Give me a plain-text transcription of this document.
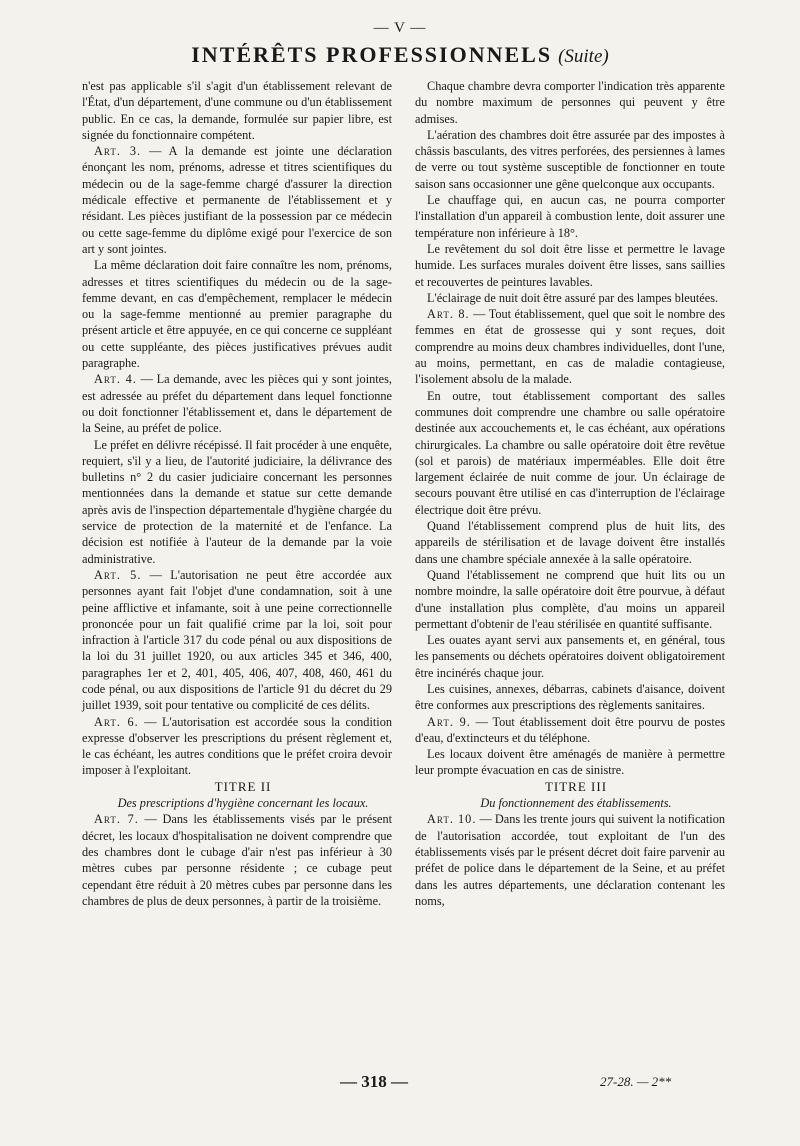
— V —
INTÉRÊTS PROFESSIONNELS (Suite)

n'est pas applicable s'il s'agit d'un établissement relevant de l'État, d'un département, d'une commune ou d'un établissement public. En ce cas, la demande, formulée sur papier libre, est signée du fonctionnaire compétent.

Art. 3. — A la demande est jointe une déclaration énonçant les nom, prénoms, adresse et titres scientifiques du médecin ou de la sage-femme chargé d'assurer la direction médicale effective et permanente de l'établissement et y résidant. Les pièces justifiant de la possession par ce médecin ou cette sage-femme du diplôme exigé pour l'exercice de son art y sont jointes.

La même déclaration doit faire connaître les nom, prénoms, adresses et titres scientifiques du médecin ou de la sage-femme devant, en cas d'empêchement, remplacer le médecin ou la sage-femme mentionné au premier paragraphe du présent article et être appuyée, en ce qui concerne ce suppléant ou cette suppléante, des pièces justificatives prévues audit paragraphe.

Art. 4. — La demande, avec les pièces qui y sont jointes, est adressée au préfet du département dans lequel fonctionne ou doit fonctionner l'établissement et, dans le département de la Seine, au préfet de police.

Le préfet en délivre récépissé. Il fait procéder à une enquête, requiert, s'il y a lieu, de l'autorité judiciaire, la délivrance des bulletins n° 2 du casier judiciaire concernant les personnes mentionnées dans la demande et statue sur cette demande après avis de l'inspection départementale d'hygiène chargée du service de protection de la maternité et de l'enfance. La décision est notifiée à l'auteur de la demande par la voie administrative.

Art. 5. — L'autorisation ne peut être accordée aux personnes ayant fait l'objet d'une condamnation, soit à une peine afflictive et infamante, soit à une peine correctionnelle prononcée pour un fait qualifié crime par la loi, soit pour infraction à l'article 317 du code pénal ou aux dispositions de la loi du 31 juillet 1920, ou aux articles 345 et 346, 400, paragraphes 1er et 2, 401, 405, 406, 407, 408, 460, 461 du code pénal, ou aux dispositions de l'article 91 du décret du 29 juillet 1939, soit pour tentative ou complicité de ces délits.

Art. 6. — L'autorisation est accordée sous la condition expresse d'observer les prescriptions du présent règlement et, le cas échéant, les autres conditions que le préfet croira devoir imposer à l'exploitant.

TITRE II

Des prescriptions d'hygiène concernant les locaux.

Art. 7. — Dans les établissements visés par le présent décret, les locaux d'hospitalisation ne doivent comprendre que des chambres dont le cubage d'air n'est pas inférieur à 30 mètres cubes par personne résidente ; ce cubage peut cependant être réduit à 20 mètres cubes par personne dans les chambres de plus de deux personnes, à partir de la troisième.

Chaque chambre devra comporter l'indication très apparente du nombre maximum de personnes qui peuvent y être admises.

L'aération des chambres doit être assurée par des impostes à châssis basculants, des vitres perforées, des persiennes à lames de verre ou tout système susceptible de fonctionner en toute saison sans occasionner une gêne quelconque aux occupants.

Le chauffage qui, en aucun cas, ne pourra comporter l'installation d'un appareil à combustion lente, doit assurer une température non inférieure à 18°.

Le revêtement du sol doit être lisse et permettre le lavage humide. Les surfaces murales doivent être lisses, sans saillies et recouvertes de peintures lavables.

L'éclairage de nuit doit être assuré par des lampes bleutées.

Art. 8. — Tout établissement, quel que soit le nombre des femmes en état de grossesse qui y sont reçues, doit comprendre au moins deux chambres individuelles, dont l'une, au moins, permettant, en cas de maladie contagieuse, l'isolement absolu de la malade.

En outre, tout établissement comportant des salles communes doit comprendre une chambre ou salle opératoire destinée aux accouchements et, le cas échéant, aux opérations chirurgicales. La chambre ou salle opératoire doit être revêtue (sol et parois) de matériaux imperméables. Elle doit être largement éclairée de nuit comme de jour. Un éclairage de secours pouvant être utilisé en cas d'interruption de l'éclairage électrique doit être prévu.

Quand l'établissement comprend plus de huit lits, des appareils de stérilisation et de lavage doivent être installés dans une chambre spéciale annexée à la salle opératoire.

Quand l'établissement ne comprend que huit lits ou un nombre moindre, la salle opératoire doit être pourvue, à défaut d'une installation plus complète, d'au moins un appareil permettant d'obtenir de l'eau stérilisée en quantité suffisante.

Les ouates ayant servi aux pansements et, en général, tous les pansements ou déchets opératoires doivent obligatoirement être incinérés chaque jour.

Les cuisines, annexes, débarras, cabinets d'aisance, doivent être conformes aux prescriptions des règlements sanitaires.

Art. 9. — Tout établissement doit être pourvu de postes d'eau, d'extincteurs et du téléphone.

Les locaux doivent être aménagés de manière à permettre leur prompte évacuation en cas de sinistre.

TITRE III

Du fonctionnement des établissements.

Art. 10. — Dans les trente jours qui suivent la notification de l'autorisation accordée, tout exploitant de l'un des établissements visés par le présent décret doit faire parvenir au préfet de police dans le département de la Seine, et au préfet dans les autres départements, une déclaration contenant les noms,

— 318 —	27-28. — 2**
